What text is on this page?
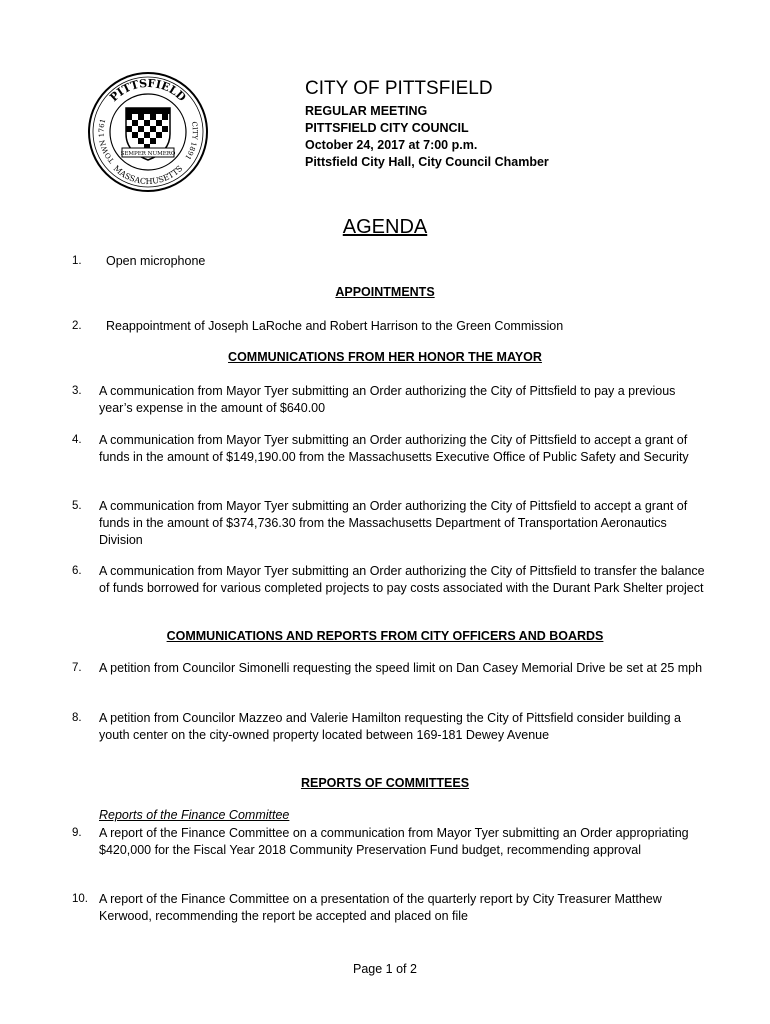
PITTSFIELD
MASSACHUSETTS
TOWN 1761	CITY 1891
SEMPER NUMERO
CITY OF PITTSFIELD
REGULAR MEETING
PITTSFIELD CITY COUNCIL
October 24, 2017 at 7:00 p.m.
Pittsfield City Hall, City Council Chamber
AGENDA
1.	Open microphone
APPOINTMENTS
2.	Reappointment of Joseph LaRoche and Robert Harrison to the Green Commission
COMMUNICATIONS FROM HER HONOR THE MAYOR
3.	A communication from Mayor Tyer submitting an Order authorizing the City of Pittsfield to pay a previous year’s expense in the amount of $640.00
4.	A communication from Mayor Tyer submitting an Order authorizing the City of Pittsfield to accept a grant of funds in the amount of $149,190.00 from the Massachusetts Executive Office of Public Safety and Security
5.	A communication from Mayor Tyer submitting an Order authorizing the City of Pittsfield to accept a grant of funds in the amount of $374,736.30 from the Massachusetts Department of Transportation Aeronautics Division
6.	A communication from Mayor Tyer submitting an Order authorizing the City of Pittsfield to transfer the balance of funds borrowed for various completed projects to pay costs associated with the Durant Park Shelter project
COMMUNICATIONS AND REPORTS FROM CITY OFFICERS AND BOARDS
7.	A petition from Councilor Simonelli requesting the speed limit on Dan Casey Memorial Drive be set at 25 mph
8.	A petition from Councilor Mazzeo and Valerie Hamilton requesting the City of Pittsfield consider building a youth center on the city-owned property located between 169-181 Dewey Avenue
REPORTS OF COMMITTEES
Reports of the Finance Committee
9.	A report of the Finance Committee on a communication from Mayor Tyer submitting an Order appropriating $420,000 for the Fiscal Year 2018 Community Preservation Fund budget, recommending approval
10. A report of the Finance Committee on a presentation of the quarterly report by City Treasurer Matthew Kerwood, recommending the report be accepted and placed on file
Page 1 of 2
